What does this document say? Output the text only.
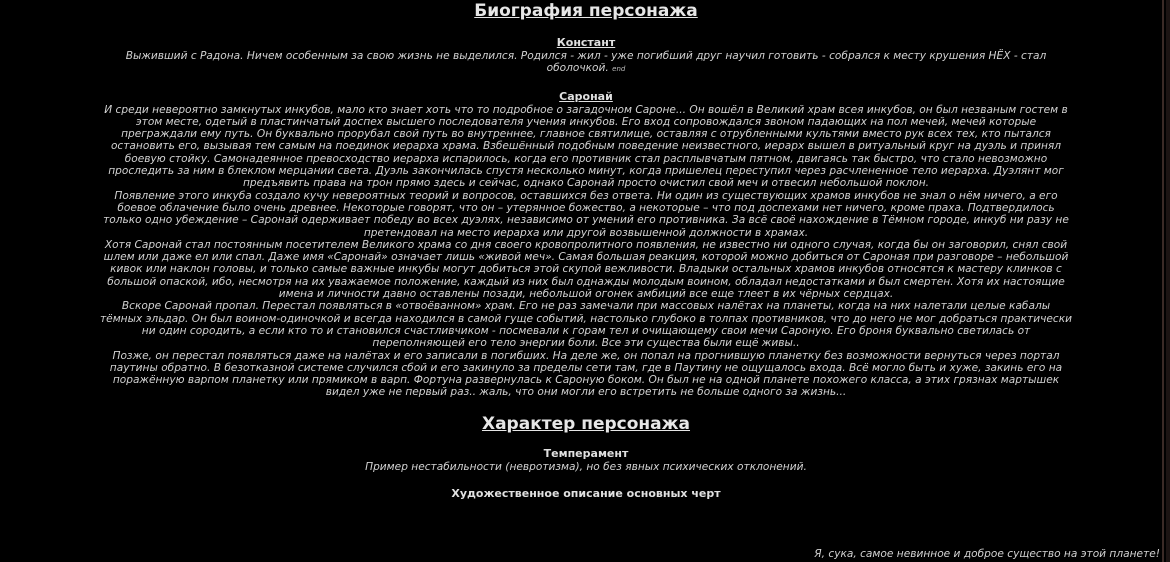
Биография персонажа
Констант
Выживший с Радона. Ничем особенным за свою жизнь не выделился. Родился - жил - уже погибший друг научил готовить - собрался к месту крушения НЁХ - стал оболочкой. end
Саронай

И среди невероятно замкнутых инкубов, мало кто знает хоть что то подробное о загадочном Сароне... Он вошёл в Великий храм всея инкубов, он был незваным гостем в этом месте, одетый в пластинчатый доспех высшего последователя учения инкубов. Его вход сопровождался звоном падающих на пол мечей, мечей которые преграждали ему путь. Он буквально прорубал свой путь во внутреннее, главное святилище, оставляя с отрубленными культями вместо рук всех тех, кто пытался остановить его, вызывая тем самым на поединок иерарха храма. Взбешённый подобным поведение неизвестного, иерарх вышел в ритуальный круг на дуэль и принял боевую стойку. Самонадеянное превосходство иерарха испарилось, когда его противник стал расплывчатым пятном, двигаясь так быстро, что стало невозможно проследить за ним в блеклом мерцании света. Дуэль закончилась спустя несколько минут, когда пришелец переступил через расчлененное тело иерарха. Дуэлянт мог предъявить права на трон прямо здесь и сейчас, однако Саронай просто очистил свой меч и отвесил небольшой поклон.

Появление этого инкуба создало кучу невероятных теорий и вопросов, оставшихся без ответа. Ни один из существующих храмов инкубов не знал о нём ничего, а его боевое облачение было очень древнее. Некоторые говорят, что он – утерянное божество, а некоторые – что под доспехами нет ничего, кроме праха. Подтвердилось только одно убеждение – Саронай одерживает победу во всех дуэлях, независимо от умений его противника. За всё своё нахождение в Тёмном городе, инкуб ни разу не претендовал на место иерарха или другой возвышенной должности в храмах.

Хотя Саронай стал постоянным посетителем Великого храма со дня своего кровопролитного появления, не известно ни одного случая, когда бы он заговорил, снял свой шлем или даже ел или спал. Даже имя «Саронай» означает лишь «живой меч». Самая большая реакция, которой можно добиться от Сароная при разговоре – небольшой кивок или наклон головы, и только самые важные инкубы могут добиться этой скупой вежливости. Владыки остальных храмов инкубов относятся к мастеру клинков с большой опаской, ибо, несмотря на их уважаемое положение, каждый из них был однажды молодым воином, обладал недостатками и был смертен. Хотя их настоящие имена и личности давно оставлены позади, небольшой огонек амбиций все еще тлеет в их чёрных сердцах.

Вскоре Саронай пропал. Перестал появляться в «отвоёванном» храм. Его не раз замечали при массовых налётах на планеты, когда на них налетали целые кабалы тёмных эльдар. Он был воином-одиночкой и всегда находился в самой гуще событий, настолько глубоко в толпах противников, что до него не мог добраться практически ни один сородить, а если кто то и становился счастливчиком - посмевали к горам тел и очищающему свои мечи Сароную. Его броня буквально светилась от переполняющей его тело энергии боли. Все эти существа были ещё живы..

Позже, он перестал появляться даже на налётах и его записали в погибших. На деле же, он попал на прогнившую планетку без возможности вернуться через портал паутины обратно. В безотказной системе случился сбой и его закинуло за пределы сети там, где в Паутину не ощущалось входа. Всё могло быть и хуже, закинь его на поражённую варпом планетку или прямиком в варп. Фортуна развернулась к Сароную боком. Он был не на одной планете похожего класса, а этих грязнах мартышек видел уже не первый раз.. жаль, что они могли его встретить не больше одного за жизнь...

Характер персонажа
Темперамент
Пример нестабильности (невротизма), но без явных психических отклонений.
Художественное описание основных черт
Я, сука, самое невинное и доброе существо на этой планете!
